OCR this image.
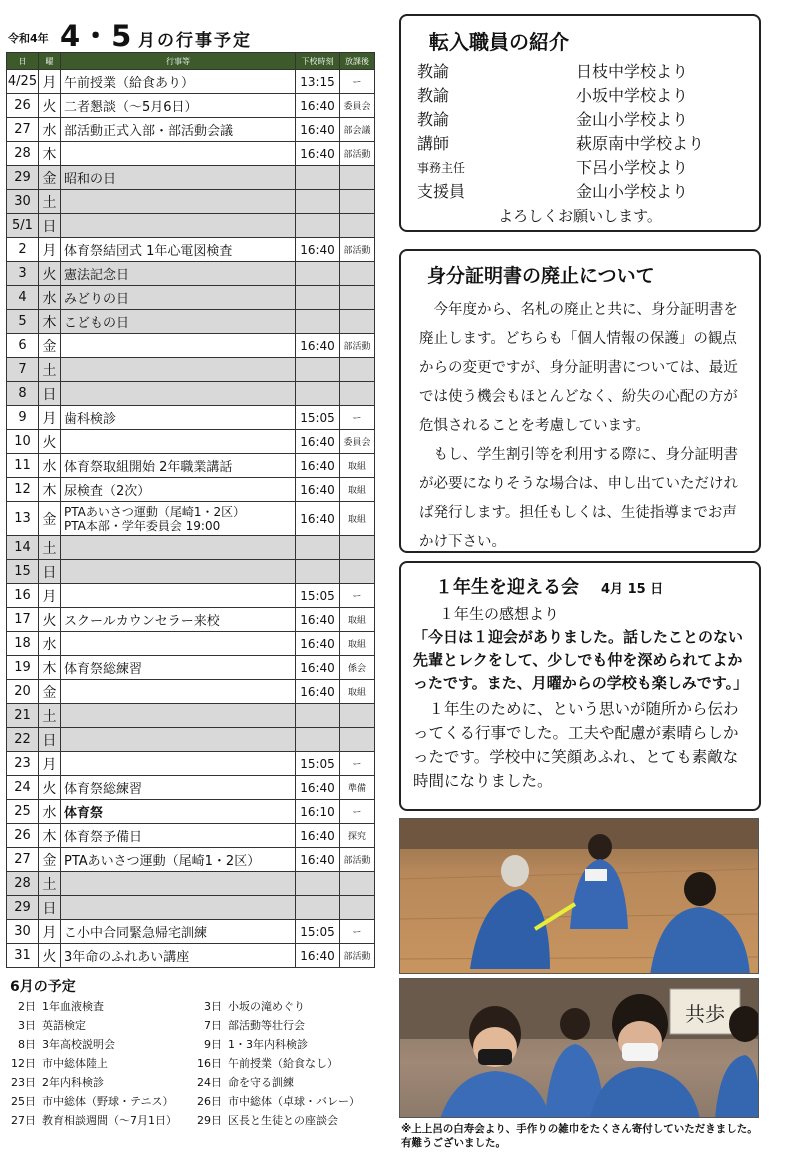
令和4年 4・5 月の行事予定
日	曜	行事等	下校時刻	放課後
4/25	月	午前授業（給食あり）	13:15	ー
26	火	二者懇談（～5月6日）	16:40	委員会
27	水	部活動正式入部・部活動会議	16:40	部会議
28	木		16:40	部活動
29	金	昭和の日		
30	土			
5/1	日			
2	月	体育祭結団式 1年心電図検査	16:40	部活動
3	火	憲法記念日		
4	水	みどりの日		
5	木	こどもの日		
6	金		16:40	部活動
7	土			
8	日			
9	月	歯科検診	15:05	ー
10	火		16:40	委員会
11	水	体育祭取組開始 2年職業講話	16:40	取組
12	木	尿検査（2次）	16:40	取組
13	金	PTAあいさつ運動（尾崎1・2区）
PTA本部・学年委員会 19:00	16:40	取組
14	土			
15	日			
16	月		15:05	ー
17	火	スクールカウンセラー来校	16:40	取組
18	水		16:40	取組
19	木	体育祭総練習	16:40	係会
20	金		16:40	取組
21	土			
22	日			
23	月		15:05	ー
24	火	体育祭総練習	16:40	準備
25	水	体育祭	16:10	ー
26	木	体育祭予備日	16:40	探究
27	金	PTAあいさつ運動（尾崎1・2区）	16:40	部活動
28	土			
29	日			
30	月	こ小中合同緊急帰宅訓練	15:05	ー
31	火	3年命のふれあい講座	16:40	部活動
6月の予定
2日 1年血液検査	3日 小坂の滝めぐり
3日 英語検定	7日 部活動等壮行会
8日 3年高校説明会	9日 1・3年内科検診
12日 市中総体陸上	16日 午前授業（給食なし）
23日 2年内科検診	24日 命を守る訓練
25日 市中総体（野球・テニス）	26日 市中総体（卓球・バレー）
27日 教育相談週間（～7月1日）	29日 区長と生徒との座談会
転入職員の紹介
教諭	日枝中学校より
教諭	小坂中学校より
教諭	金山小学校より
講師	萩原南中学校より
事務主任	下呂小学校より
支援員	金山小学校より
よろしくお願いします。
身分証明書の廃止について

今年度から、名札の廃止と共に、身分証明書を廃止します。どちらも「個人情報の保護」の観点からの変更ですが、身分証明書については、最近では使う機会もほとんどなく、紛失の心配の方が危惧されることを考慮しています。

もし、学生割引等を利用する際に、身分証明書が必要になりそうな場合は、申し出ていただければ発行します。担任もしくは、生徒指導までお声かけ下さい。

１年生を迎える会 4月 15 日
１年生の感想より
「今日は１迎会がありました。話したことのない先輩とレクをして、少しでも仲を深められてよかったです。また、月曜からの学校も楽しみです。」

１年生のために、という思いが随所から伝わってくる行事でした。工夫や配慮が素晴らしかったです。学校中に笑顔あふれ、とても素敵な時間になりました。

共歩
※上上呂の白寿会より、手作りの雑巾をたくさん寄付していただきました。有難うございました。
